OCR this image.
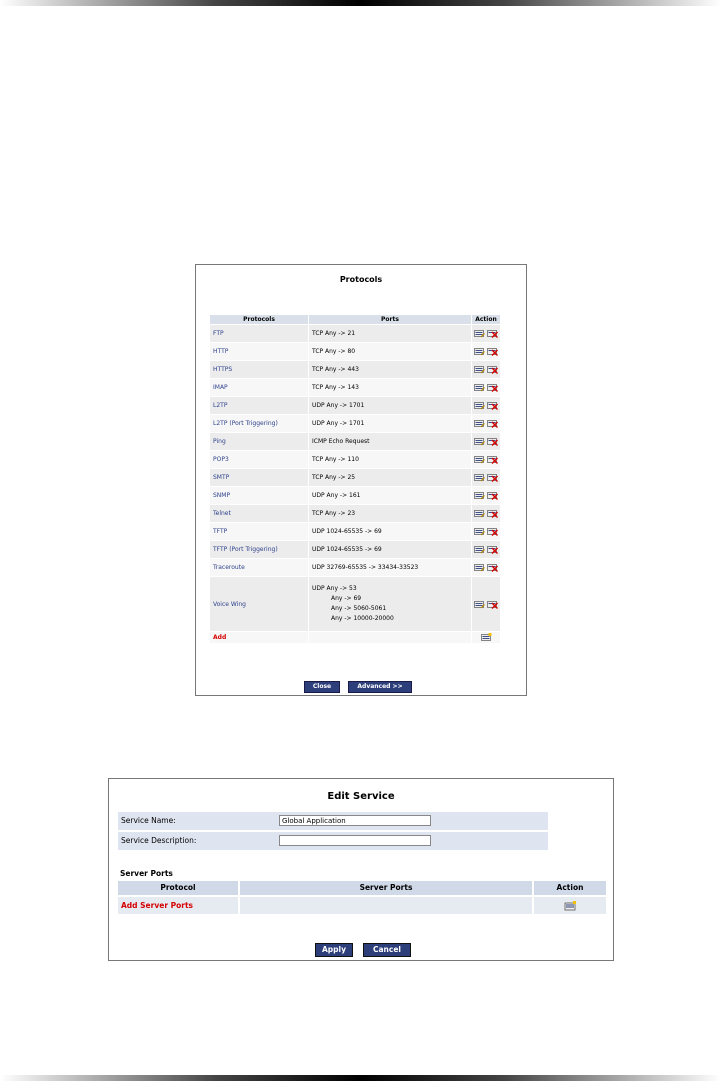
Protocols
Protocols	Ports	Action
FTP	TCP Any -> 21	
HTTP	TCP Any -> 80	
HTTPS	TCP Any -> 443	
IMAP	TCP Any -> 143	
L2TP	UDP Any -> 1701	
L2TP (Port Triggering)	UDP Any -> 1701	
Ping	ICMP Echo Request	
POP3	TCP Any -> 110	
SMTP	TCP Any -> 25	
SNMP	UDP Any -> 161	
Telnet	TCP Any -> 23	
TFTP	UDP 1024-65535 -> 69	
TFTP (Port Triggering)	UDP 1024-65535 -> 69	
Traceroute	UDP 32769-65535 -> 33434-33523	
Voice Wing	UDP Any -> 53
Any -> 69
Any -> 5060-5061
Any -> 10000-20000

Add		
Close	Advanced >>
Edit Service
Service Name:	Global Application
Service Description:
Server Ports
Protocol	Server Ports	Action
Add Server Ports
Apply	Cancel
